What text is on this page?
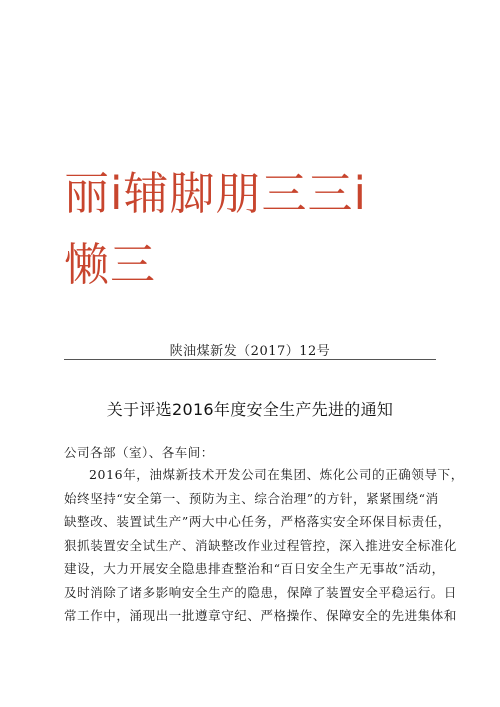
丽i辅脚朋三三i
懒三
陕油煤新发（2017）12号
关于评选2016年度安全生产先进的通知
公司各部（室）、各车间：
2016年，油煤新技术开发公司在集团、炼化公司的正确领导下，
始终坚持“安全第一、预防为主、综合治理”的方针，紧紧围绕“消
缺整改、装置试生产”两大中心任务，严格落实安全环保目标责任，
狠抓装置安全试生产、消缺整改作业过程管控，深入推进安全标准化
建设，大力开展安全隐患排查整治和“百日安全生产无事故”活动，
及时消除了诸多影响安全生产的隐患，保障了装置安全平稳运行。日
常工作中，涌现出一批遵章守纪、严格操作、保障安全的先进集体和
